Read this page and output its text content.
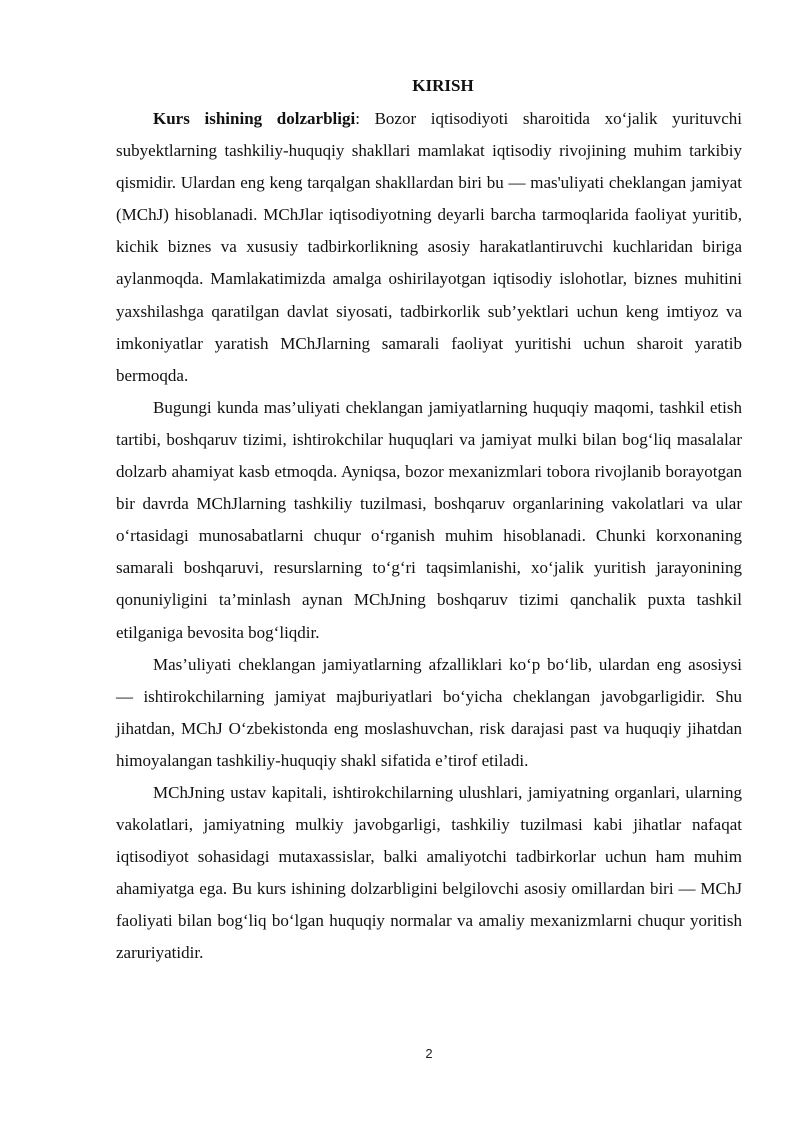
KIRISH

Kurs ishining dolzarbligi: Bozor iqtisodiyoti sharoitida xo‘jalik yurituvchi subyektlarning tashkiliy-huquqiy shakllari mamlakat iqtisodiy rivojining muhim tarkibiy qismidir. Ulardan eng keng tarqalgan shakllardan biri bu — mas'uliyati cheklangan jamiyat (MChJ) hisoblanadi. MChJlar iqtisodiyotning deyarli barcha tarmoqlarida faoliyat yuritib, kichik biznes va xususiy tadbirkorlikning asosiy harakatlantiruvchi kuchlaridan biriga aylanmoqda. Mamlakatimizda amalga oshirilayotgan iqtisodiy islohotlar, biznes muhitini yaxshilashga qaratilgan davlat siyosati, tadbirkorlik sub’yektlari uchun keng imtiyoz va imkoniyatlar yaratish MChJlarning samarali faoliyat yuritishi uchun sharoit yaratib bermoqda.

Bugungi kunda mas’uliyati cheklangan jamiyatlarning huquqiy maqomi, tashkil etish tartibi, boshqaruv tizimi, ishtirokchilar huquqlari va jamiyat mulki bilan bog‘liq masalalar dolzarb ahamiyat kasb etmoqda. Ayniqsa, bozor mexanizmlari tobora rivojlanib borayotgan bir davrda MChJlarning tashkiliy tuzilmasi, boshqaruv organlarining vakolatlari va ular o‘rtasidagi munosabatlarni chuqur o‘rganish muhim hisoblanadi. Chunki korxonaning samarali boshqaruvi, resurslarning to‘g‘ri taqsimlanishi, xo‘jalik yuritish jarayonining qonuniyligini ta’minlash aynan MChJning boshqaruv tizimi qanchalik puxta tashkil etilganiga bevosita bog‘liqdir.

Mas’uliyati cheklangan jamiyatlarning afzalliklari ko‘p bo‘lib, ulardan eng asosiysi — ishtirokchilarning jamiyat majburiyatlari bo‘yicha cheklangan javobgarligidir. Shu jihatdan, MChJ O‘zbekistonda eng moslashuvchan, risk darajasi past va huquqiy jihatdan himoyalangan tashkiliy-huquqiy shakl sifatida e’tirof etiladi.

MChJning ustav kapitali, ishtirokchilarning ulushlari, jamiyatning organlari, ularning vakolatlari, jamiyatning mulkiy javobgarligi, tashkiliy tuzilmasi kabi jihatlar nafaqat iqtisodiyot sohasidagi mutaxassislar, balki amaliyotchi tadbirkorlar uchun ham muhim ahamiyatga ega. Bu kurs ishining dolzarbligini belgilovchi asosiy omillardan biri — MChJ faoliyati bilan bog‘liq bo‘lgan huquqiy normalar va amaliy mexanizmlarni chuqur yoritish zaruriyatidir.

2
